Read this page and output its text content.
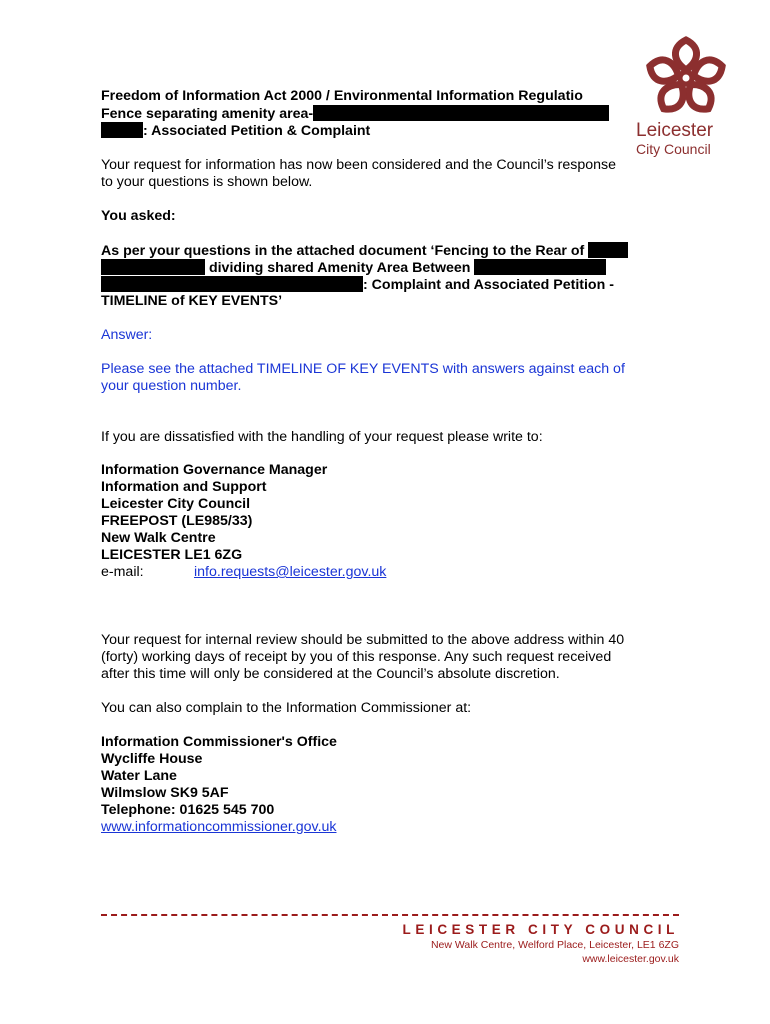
Leicester
City Council
Freedom of Information Act 2000 / Environmental Information Regulatio
Fence separating amenity area-
: Associated Petition & Complaint

Your request for information has now been considered and the Council’s response

to your questions is shown below.

You asked:

As per your questions in the attached document ‘Fencing to the Rear of
dividing shared Amenity Area Between
: Complaint and Associated Petition -

TIMELINE of KEY EVENTS’

Answer:

Please see the attached TIMELINE OF KEY EVENTS with answers against each of

your question number.

If you are dissatisfied with the handling of your request please write to:

Information Governance Manager

Information and Support

Leicester City Council

FREEPOST (LE985/33)

New Walk Centre

LEICESTER LE1 6ZG

e-mail:	info.requests@leicester.gov.uk

Your request for internal review should be submitted to the above address within 40

(forty) working days of receipt by you of this response. Any such request received

after this time will only be considered at the Council’s absolute discretion.

You can also complain to the Information Commissioner at:

Information Commissioner's Office

Wycliffe House

Water Lane

Wilmslow SK9 5AF

Telephone: 01625 545 700

www.informationcommissioner.gov.uk
LEICESTER CITY COUNCIL
New Walk Centre, Welford Place, Leicester, LE1 6ZG
www.leicester.gov.uk
